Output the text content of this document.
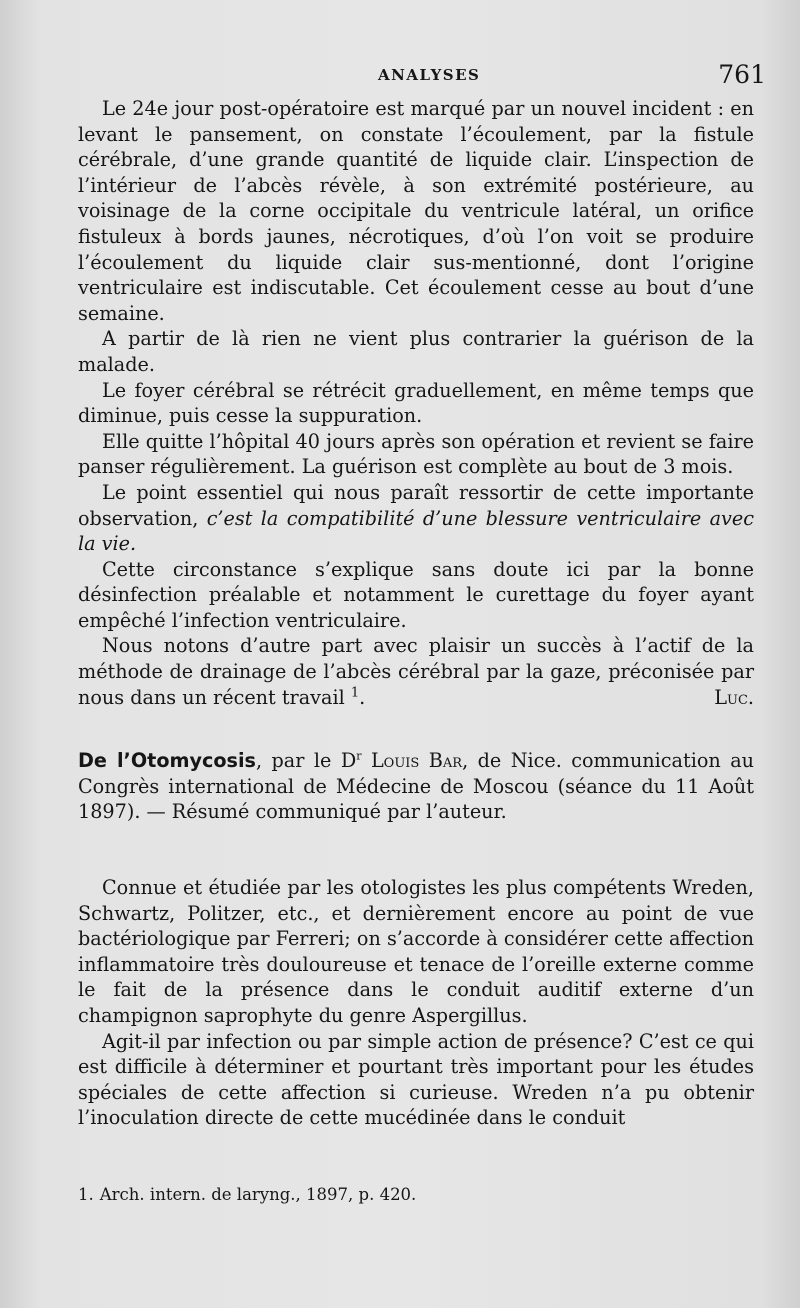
ANALYSES	761

Le 24e jour post-opératoire est marqué par un nouvel incident : en levant le pansement, on constate l’écoulement, par la fistule cérébrale, d’une grande quantité de liquide clair. L’inspection de l’intérieur de l’abcès révèle, à son extrémité postérieure, au voisinage de la corne occipitale du ventricule latéral, un orifice fistuleux à bords jaunes, nécrotiques, d’où l’on voit se produire l’écoulement du liquide clair sus-mentionné, dont l’origine ventriculaire est indiscutable. Cet écoulement cesse au bout d’une semaine.

A partir de là rien ne vient plus contrarier la guérison de la malade.

Le foyer cérébral se rétrécit graduellement, en même temps que diminue, puis cesse la suppuration.

Elle quitte l’hôpital 40 jours après son opération et revient se faire panser régulièrement. La guérison est complète au bout de 3 mois.

Le point essentiel qui nous paraît ressortir de cette importante observation, c’est la compatibilité d’une blessure ventriculaire avec la vie.

Cette circonstance s’explique sans doute ici par la bonne désinfection préalable et notamment le curettage du foyer ayant empêché l’infection ventriculaire.

Nous notons d’autre part avec plaisir un succès à l’actif de la méthode de drainage de l’abcès cérébral par la gaze, préconisée par nous dans un récent travail $^1$.	Luc.

De l’Otomycosis, par le $D^r$ Louis Bar, de Nice. communication au Congrès international de Médecine de Moscou (séance du 11 Août 1897). — Résumé communiqué par l’auteur.

Connue et étudiée par les otologistes les plus compétents Wreden, Schwartz, Politzer, etc., et dernièrement encore au point de vue bactériologique par Ferreri; on s’accorde à considérer cette affection inflammatoire très douloureuse et tenace de l’oreille externe comme le fait de la présence dans le conduit auditif externe d’un champignon saprophyte du genre Aspergillus.

Agit-il par infection ou par simple action de présence? C’est ce qui est difficile à déterminer et pourtant très important pour les études spéciales de cette affection si curieuse. Wreden n’a pu obtenir l’inoculation directe de cette mucédinée dans le conduit

1. Arch. intern. de laryng., 1897, p. 420.
